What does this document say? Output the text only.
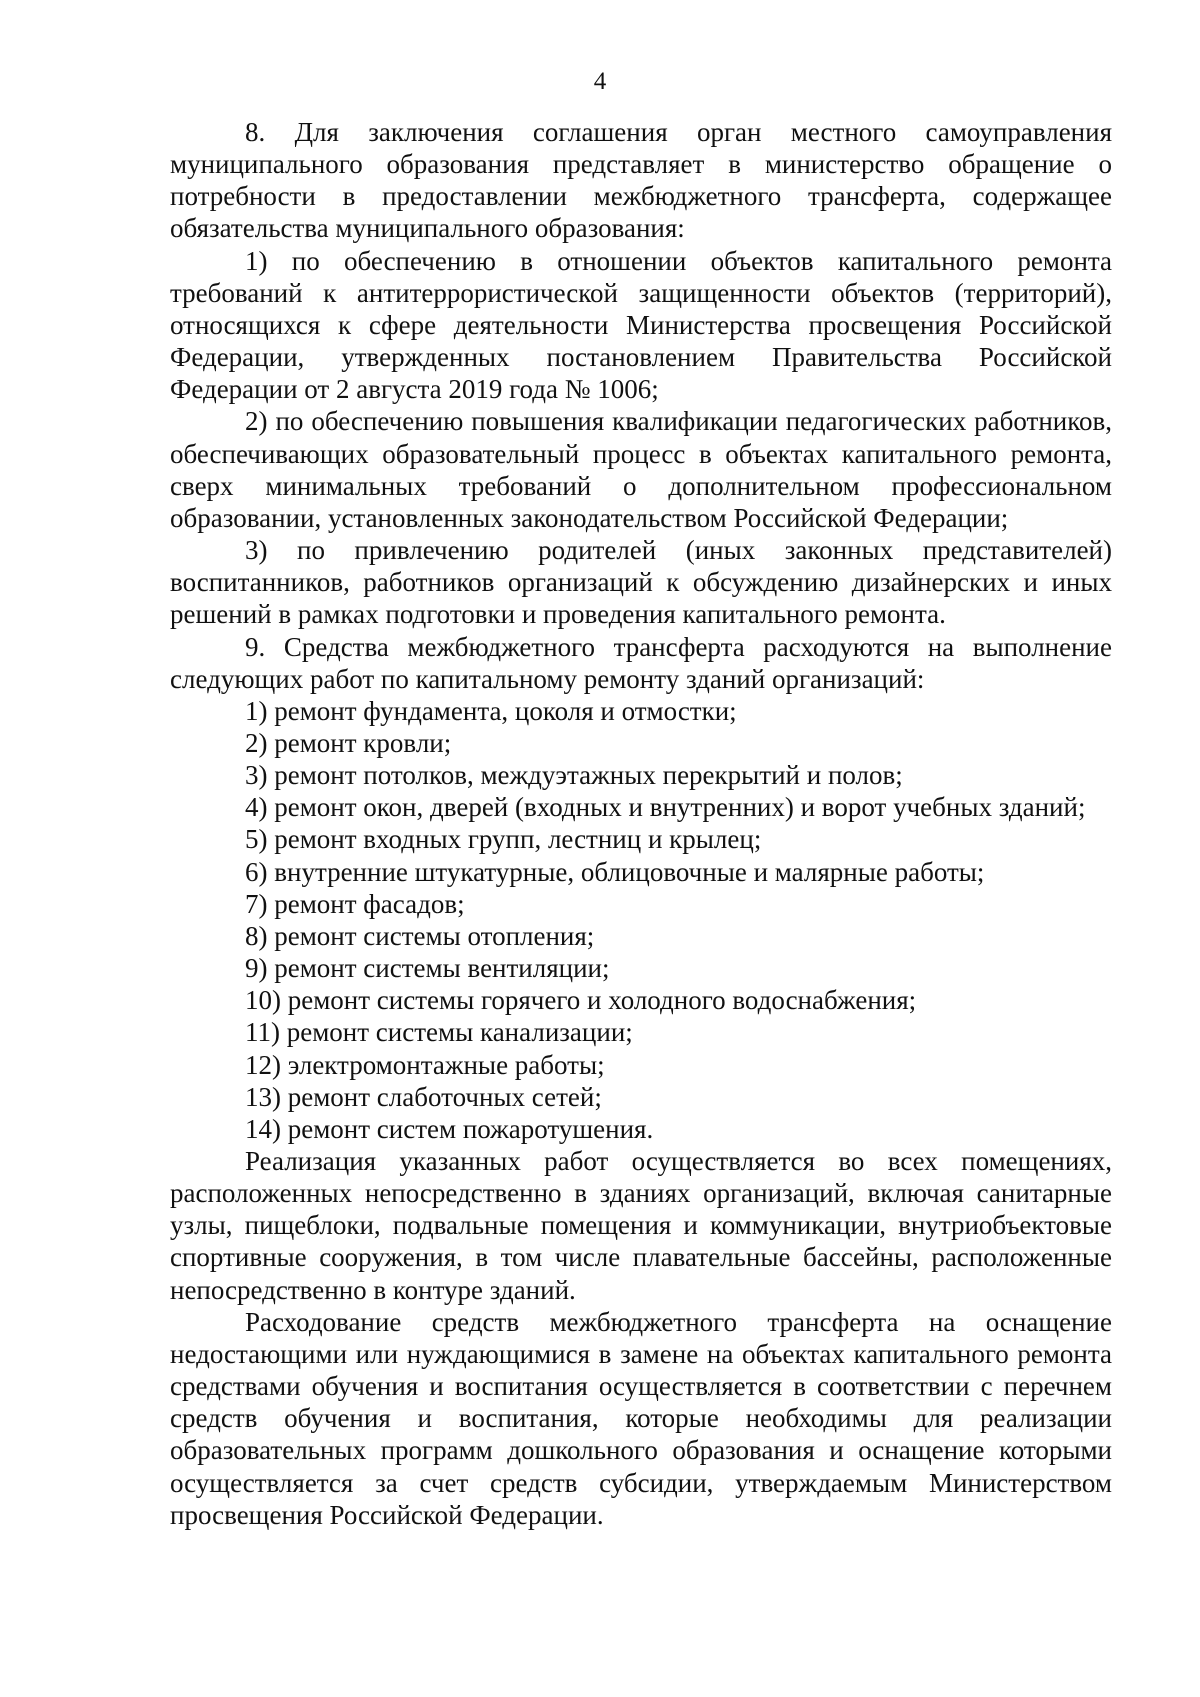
4

8. Для заключения соглашения орган местного самоуправления муниципального образования представляет в министерство обращение о потребности в предоставлении межбюджетного трансферта, содержащее обязательства муниципального образования:

1) по обеспечению в отношении объектов капитального ремонта требований к антитеррористической защищенности объектов (территорий), относящихся к сфере деятельности Министерства просвещения Российской Федерации, утвержденных постановлением Правительства Российской Федерации от 2 августа 2019 года № 1006;

2) по обеспечению повышения квалификации педагогических работников, обеспечивающих образовательный процесс в объектах капитального ремонта, сверх минимальных требований о дополнительном профессиональном образовании, установленных законодательством Российской Федерации;

3) по привлечению родителей (иных законных представителей) воспитанников, работников организаций к обсуждению дизайнерских и иных решений в рамках подготовки и проведения капитального ремонта.

9. Средства межбюджетного трансферта расходуются на выполнение следующих работ по капитальному ремонту зданий организаций:

1) ремонт фундамента, цоколя и отмостки;

2) ремонт кровли;

3) ремонт потолков, междуэтажных перекрытий и полов;

4) ремонт окон, дверей (входных и внутренних) и ворот учебных зданий;

5) ремонт входных групп, лестниц и крылец;

6) внутренние штукатурные, облицовочные и малярные работы;

7) ремонт фасадов;

8) ремонт системы отопления;

9) ремонт системы вентиляции;

10) ремонт системы горячего и холодного водоснабжения;

11) ремонт системы канализации;

12) электромонтажные работы;

13) ремонт слаботочных сетей;

14) ремонт систем пожаротушения.

Реализация указанных работ осуществляется во всех помещениях, расположенных непосредственно в зданиях организаций, включая санитарные узлы, пищеблоки, подвальные помещения и коммуникации, внутриобъектовые спортивные сооружения, в том числе плавательные бассейны, расположенные непосредственно в контуре зданий.

Расходование средств межбюджетного трансферта на оснащение недостающими или нуждающимися в замене на объектах капитального ремонта средствами обучения и воспитания осуществляется в соответствии с перечнем средств обучения и воспитания, которые необходимы для реализации образовательных программ дошкольного образования и оснащение которыми осуществляется за счет средств субсидии, утверждаемым Министерством просвещения Российской Федерации.
